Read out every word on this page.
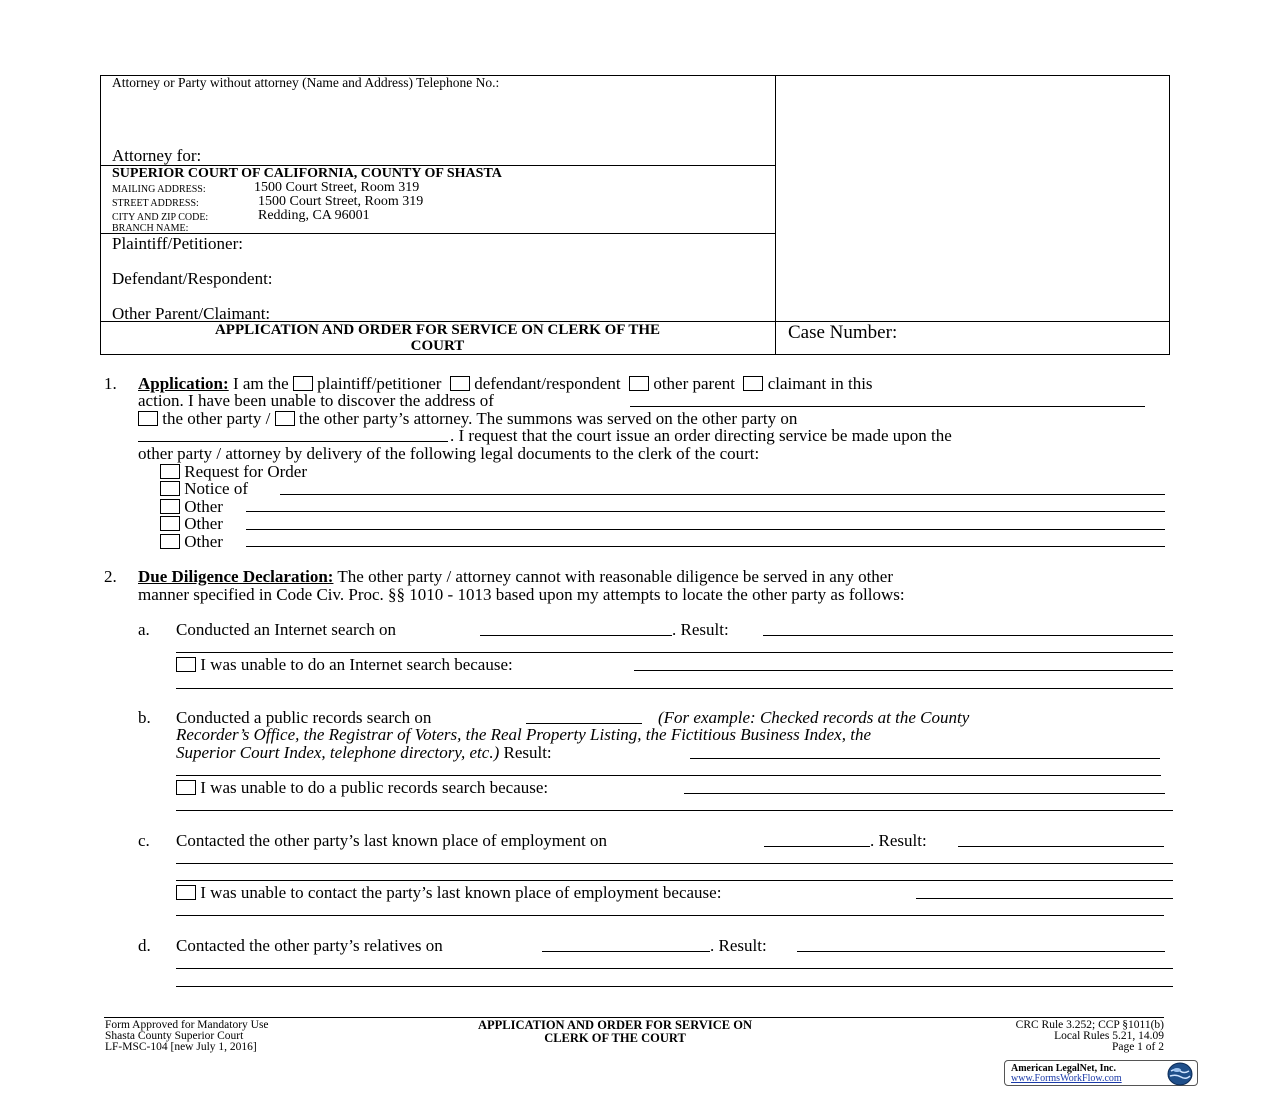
Attorney or Party without attorney (Name and Address) Telephone No.:
Attorney for:
SUPERIOR COURT OF CALIFORNIA, COUNTY OF SHASTA
MAILING ADDRESS:	1500 Court Street, Room 319
STREET ADDRESS:	1500 Court Street, Room 319
CITY AND ZIP CODE:	Redding, CA 96001
BRANCH NAME:
Plaintiff/Petitioner:
Defendant/Respondent:
Other Parent/Claimant:
APPLICATION AND ORDER FOR SERVICE ON CLERK OF THE
COURT
Case Number:
1. Application: I am the plaintiff/petitioner defendant/respondent other parent claimant in this
action. I have been unable to discover the address of
the other party / the other party’s attorney. The summons was served on the other party on
. I request that the court issue an order directing service be made upon the
other party / attorney by delivery of the following legal documents to the clerk of the court:
Request for Order
Notice of
Other
Other
Other
2. Due Diligence Declaration: The other party / attorney cannot with reasonable diligence be served in any other
manner specified in Code Civ. Proc. §§ 1010 - 1013 based upon my attempts to locate the other party as follows:
a. Conducted an Internet search on	. Result:
I was unable to do an Internet search because:
b. Conducted a public records search on	(For example: Checked records at the County
Recorder’s Office, the Registrar of Voters, the Real Property Listing, the Fictitious Business Index, the
Superior Court Index, telephone directory, etc.) Result:
I was unable to do a public records search because:
c. Contacted the other party’s last known place of employment on	. Result:
I was unable to contact the party’s last known place of employment because:
d. Contacted the other party’s relatives on	. Result:
Form Approved for Mandatory Use
Shasta County Superior Court
LF-MSC-104 [new July 1, 2016]
APPLICATION AND ORDER FOR SERVICE ON
CLERK OF THE COURT
CRC Rule 3.252; CCP §1011(b)
Local Rules 5.21, 14.09
Page 1 of 2
American LegalNet, Inc.
www.FormsWorkFlow.com
